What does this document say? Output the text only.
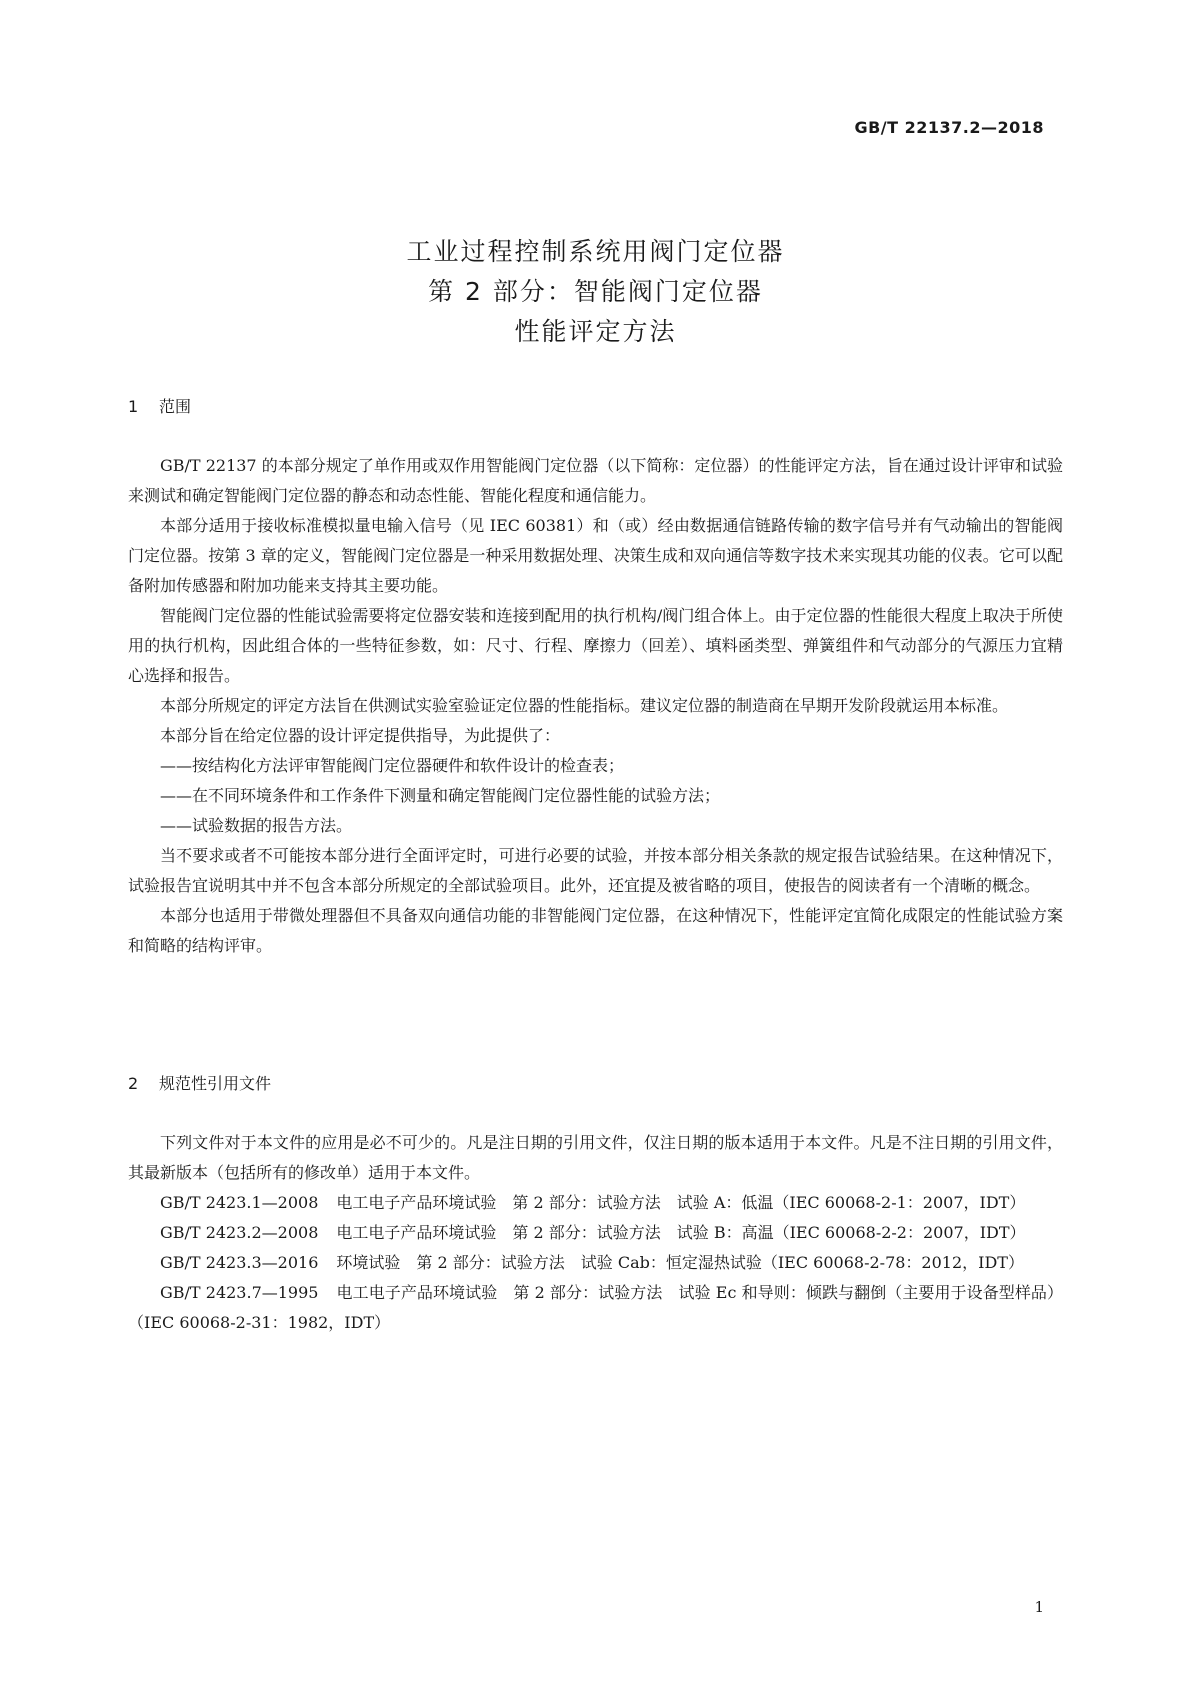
GB/T 22137.2—2018
工业过程控制系统用阀门定位器
第 2 部分：智能阀门定位器
性能评定方法
1 范围

GB/T 22137 的本部分规定了单作用或双作用智能阀门定位器（以下简称：定位器）的性能评定方法，旨在通过设计评审和试验来测试和确定智能阀门定位器的静态和动态性能、智能化程度和通信能力。

本部分适用于接收标准模拟量电输入信号（见 IEC 60381）和（或）经由数据通信链路传输的数字信号并有气动输出的智能阀门定位器。按第 3 章的定义，智能阀门定位器是一种采用数据处理、决策生成和双向通信等数字技术来实现其功能的仪表。它可以配备附加传感器和附加功能来支持其主要功能。

智能阀门定位器的性能试验需要将定位器安装和连接到配用的执行机构/阀门组合体上。由于定位器的性能很大程度上取决于所使用的执行机构，因此组合体的一些特征参数，如：尺寸、行程、摩擦力（回差）、填料函类型、弹簧组件和气动部分的气源压力宜精心选择和报告。

本部分所规定的评定方法旨在供测试实验室验证定位器的性能指标。建议定位器的制造商在早期开发阶段就运用本标准。

本部分旨在给定位器的设计评定提供指导，为此提供了：

——按结构化方法评审智能阀门定位器硬件和软件设计的检查表；

——在不同环境条件和工作条件下测量和确定智能阀门定位器性能的试验方法；

——试验数据的报告方法。

当不要求或者不可能按本部分进行全面评定时，可进行必要的试验，并按本部分相关条款的规定报告试验结果。在这种情况下，试验报告宜说明其中并不包含本部分所规定的全部试验项目。此外，还宜提及被省略的项目，使报告的阅读者有一个清晰的概念。

本部分也适用于带微处理器但不具备双向通信功能的非智能阀门定位器，在这种情况下，性能评定宜简化成限定的性能试验方案和简略的结构评审。

2 规范性引用文件

下列文件对于本文件的应用是必不可少的。凡是注日期的引用文件，仅注日期的版本适用于本文件。凡是不注日期的引用文件，其最新版本（包括所有的修改单）适用于本文件。

GB/T 2423.1—2008 电工电子产品环境试验　第 2 部分：试验方法　试验 A：低温（IEC 60068-2-1：2007，IDT）

GB/T 2423.2—2008 电工电子产品环境试验　第 2 部分：试验方法　试验 B：高温（IEC 60068-2-2：2007，IDT）

GB/T 2423.3—2016 环境试验　第 2 部分：试验方法　试验 Cab：恒定湿热试验（IEC 60068-2-78：2012，IDT）

GB/T 2423.7—1995 电工电子产品环境试验　第 2 部分：试验方法　试验 Ec 和导则：倾跌与翻倒（主要用于设备型样品）（IEC 60068-2-31：1982，IDT）

1
